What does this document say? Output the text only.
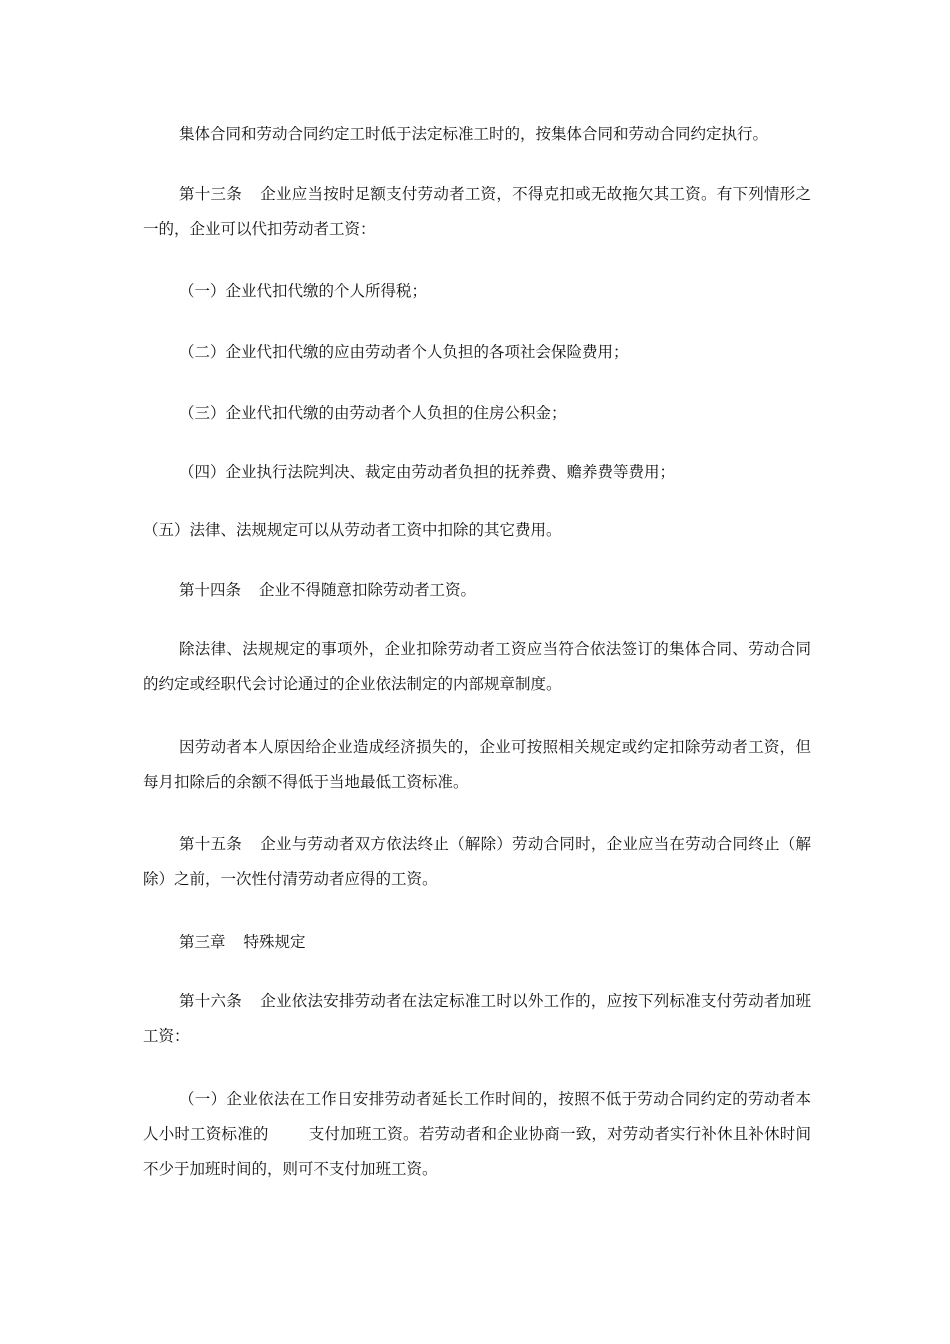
集体合同和劳动合同约定工时低于法定标准工时的，按集体合同和劳动合同约定执行。

第十三条 企业应当按时足额支付劳动者工资，不得克扣或无故拖欠其工资。有下列情形之一的，企业可以代扣劳动者工资：

（一）企业代扣代缴的个人所得税；

（二）企业代扣代缴的应由劳动者个人负担的各项社会保险费用；

（三）企业代扣代缴的由劳动者个人负担的住房公积金；

（四）企业执行法院判决、裁定由劳动者负担的抚养费、赡养费等费用；

（五）法律、法规规定可以从劳动者工资中扣除的其它费用。

第十四条 企业不得随意扣除劳动者工资。

除法律、法规规定的事项外，企业扣除劳动者工资应当符合依法签订的集体合同、劳动合同的约定或经职代会讨论通过的企业依法制定的内部规章制度。

因劳动者本人原因给企业造成经济损失的，企业可按照相关规定或约定扣除劳动者工资，但每月扣除后的余额不得低于当地最低工资标准。

第十五条 企业与劳动者双方依法终止（解除）劳动合同时，企业应当在劳动合同终止（解除）之前，一次性付清劳动者应得的工资。

第三章 特殊规定

第十六条 企业依法安排劳动者在法定标准工时以外工作的，应按下列标准支付劳动者加班工资：

（一）企业依法在工作日安排劳动者延长工作时间的，按照不低于劳动合同约定的劳动者本人小时工资标准的	支付加班工资。若劳动者和企业协商一致，对劳动者实行补休且补休时间不少于加班时间的，则可不支付加班工资。
